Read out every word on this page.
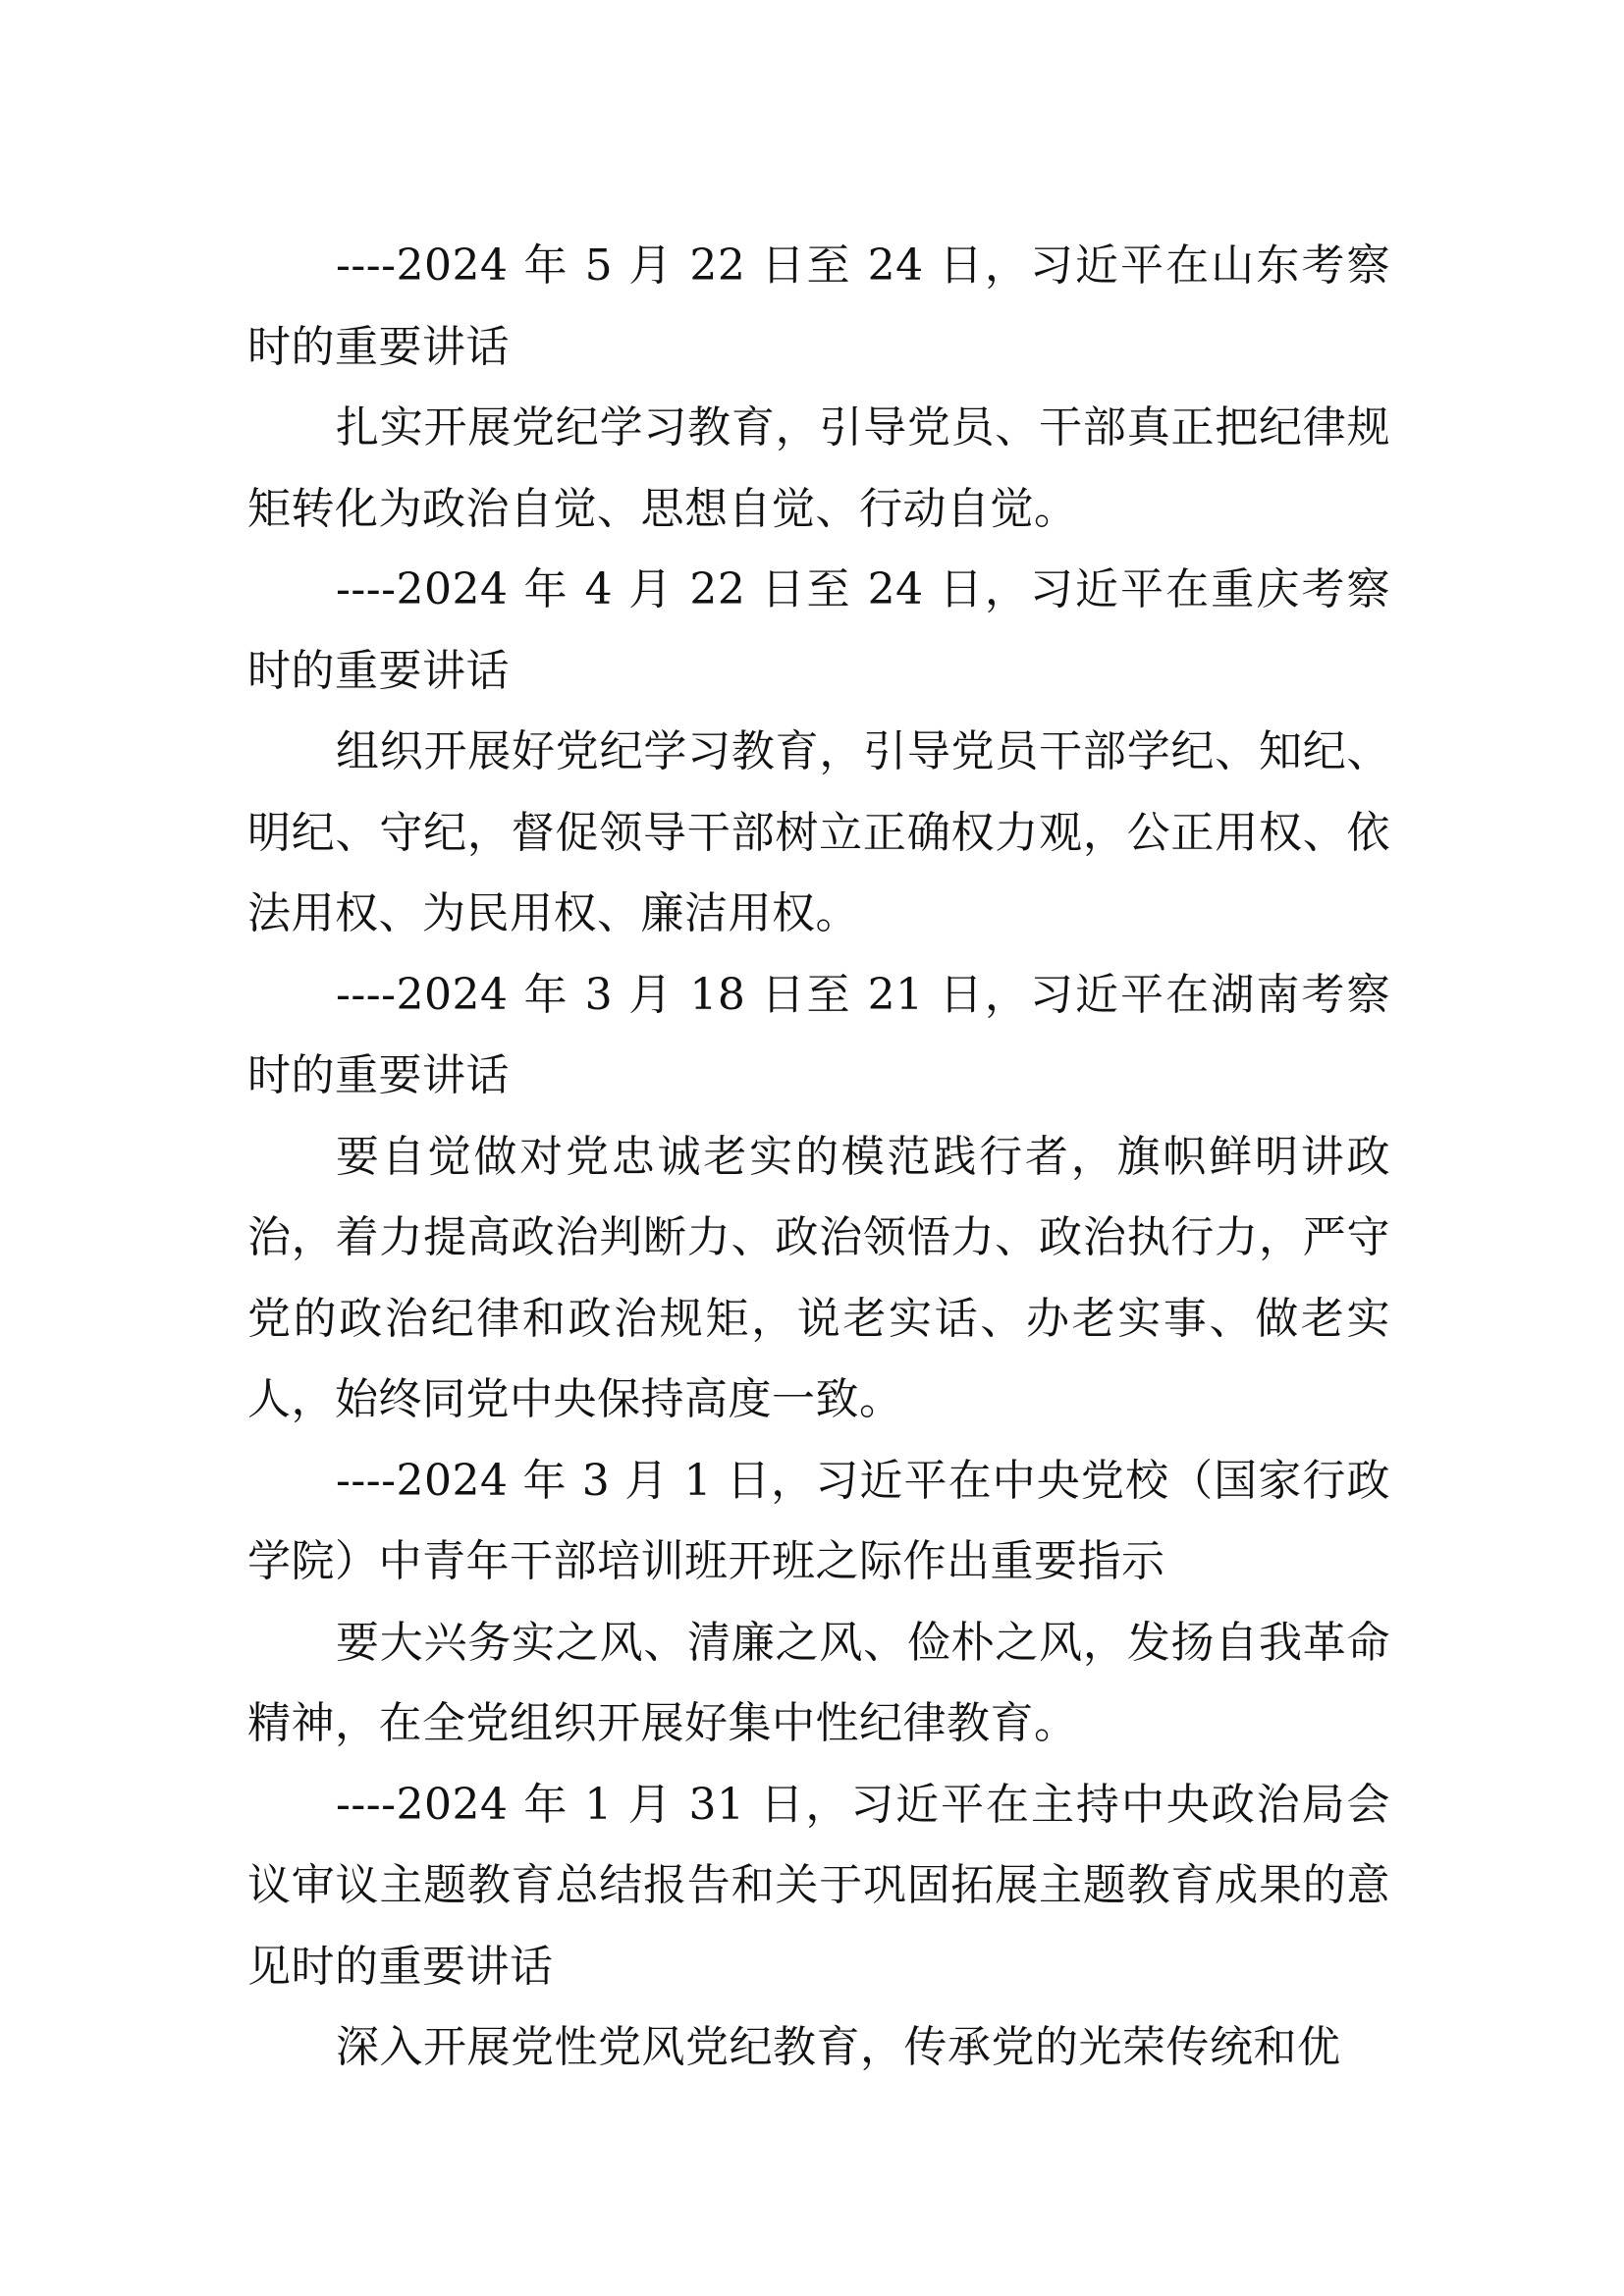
----2024 年 5 月 22 日至 24 日，习近平在山东考察时的重要讲话

扎实开展党纪学习教育，引导党员、干部真正把纪律规矩转化为政治自觉、思想自觉、行动自觉。

----2024 年 4 月 22 日至 24 日，习近平在重庆考察时的重要讲话

组织开展好党纪学习教育，引导党员干部学纪、知纪、明纪、守纪，督促领导干部树立正确权力观，公正用权、依法用权、为民用权、廉洁用权。

----2024 年 3 月 18 日至 21 日，习近平在湖南考察时的重要讲话

要自觉做对党忠诚老实的模范践行者，旗帜鲜明讲政治，着力提高政治判断力、政治领悟力、政治执行力，严守党的政治纪律和政治规矩，说老实话、办老实事、做老实人，始终同党中央保持高度一致。

----2024 年 3 月 1 日，习近平在中央党校（国家行政学院）中青年干部培训班开班之际作出重要指示

要大兴务实之风、清廉之风、俭朴之风，发扬自我革命精神，在全党组织开展好集中性纪律教育。

----2024 年 1 月 31 日，习近平在主持中央政治局会议审议主题教育总结报告和关于巩固拓展主题教育成果的意见时的重要讲话

深入开展党性党风党纪教育，传承党的光荣传统和优
